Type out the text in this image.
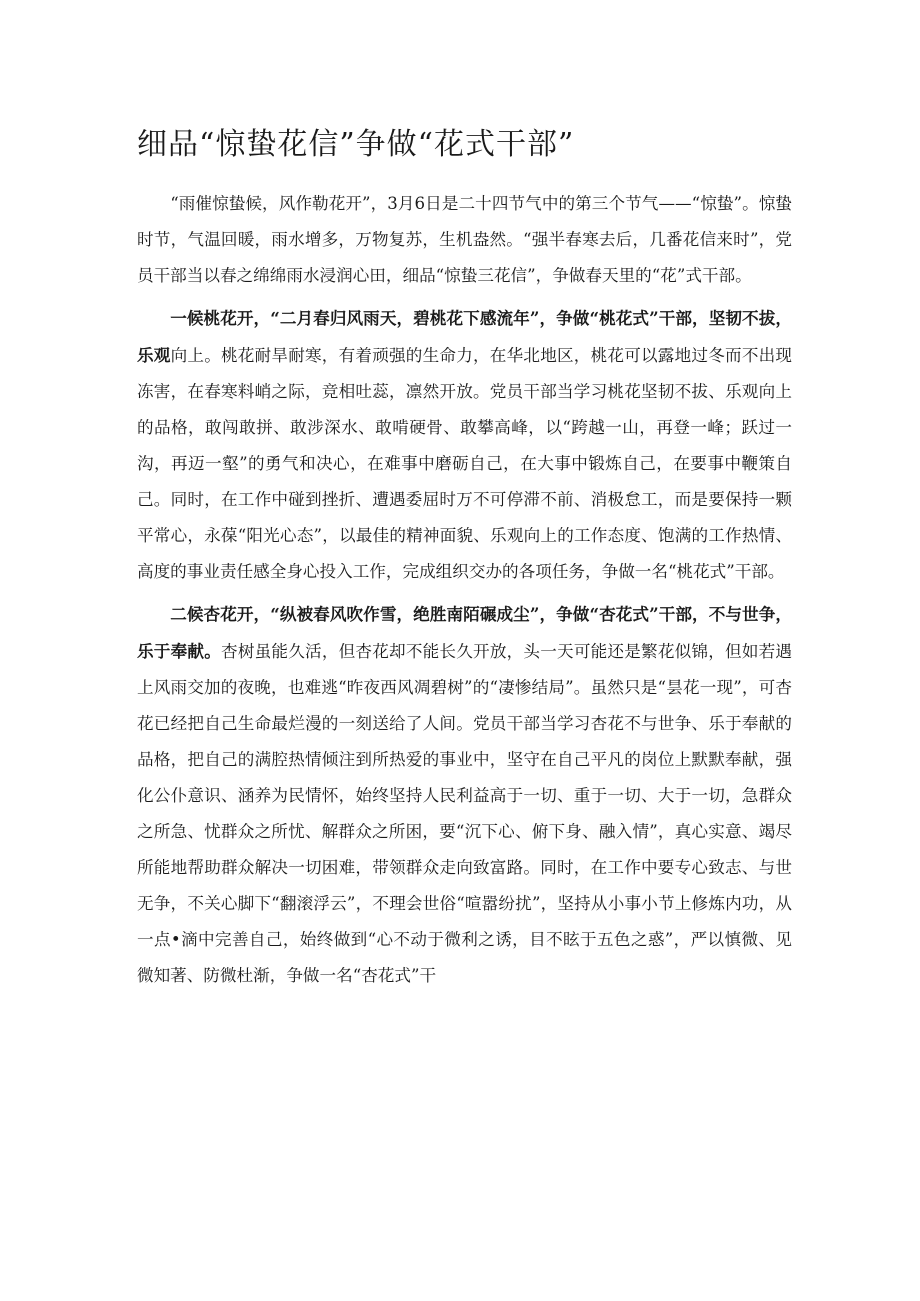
细品“惊蛰花信”争做“花式干部”

“雨催惊蛰候，风作勒花开”，3月6日是二十四节气中的第三个节气——“惊蛰”。惊蛰时节，气温回暖，雨水增多，万物复苏，生机盎然。“强半春寒去后，几番花信来时”，党员干部当以春之绵绵雨水浸润心田，细品“惊蛰三花信”，争做春天里的“花”式干部。

一候桃花开，“二月春归风雨天，碧桃花下感流年”，争做“桃花式”干部，坚韧不拔，乐观向上。桃花耐旱耐寒，有着顽强的生命力，在华北地区，桃花可以露地过冬而不出现冻害，在春寒料峭之际，竞相吐蕊，凛然开放。党员干部当学习桃花坚韧不拔、乐观向上的品格，敢闯敢拼、敢涉深水、敢啃硬骨、敢攀高峰，以“跨越一山，再登一峰；跃过一沟，再迈一壑”的勇气和决心，在难事中磨砺自己，在大事中锻炼自己，在要事中鞭策自己。同时，在工作中碰到挫折、遭遇委屈时万不可停滞不前、消极怠工，而是要保持一颗平常心，永葆“阳光心态”，以最佳的精神面貌、乐观向上的工作态度、饱满的工作热情、高度的事业责任感全身心投入工作，完成组织交办的各项任务，争做一名“桃花式”干部。

二候杏花开，“纵被春风吹作雪，绝胜南陌碾成尘”，争做“杏花式”干部，不与世争，乐于奉献。杏树虽能久活，但杏花却不能长久开放，头一天可能还是繁花似锦，但如若遇上风雨交加的夜晚，也难逃“昨夜西风凋碧树”的“凄惨结局”。虽然只是“昙花一现”，可杏花已经把自己生命最烂漫的一刻送给了人间。党员干部当学习杏花不与世争、乐于奉献的品格，把自己的满腔热情倾注到所热爱的事业中，坚守在自己平凡的岗位上默默奉献，强化公仆意识、涵养为民情怀，始终坚持人民利益高于一切、重于一切、大于一切，急群众之所急、忧群众之所忧、解群众之所困，要“沉下心、俯下身、融入情”，真心实意、竭尽所能地帮助群众解决一切困难，带领群众走向致富路。同时，在工作中要专心致志、与世无争，不关心脚下“翻滚浮云”，不理会世俗“喧嚣纷扰”，坚持从小事小节上修炼内功，从一点•滴中完善自己，始终做到“心不动于微利之诱，目不眩于五色之惑”，严以慎微、见微知著、防微杜渐，争做一名“杏花式”干
